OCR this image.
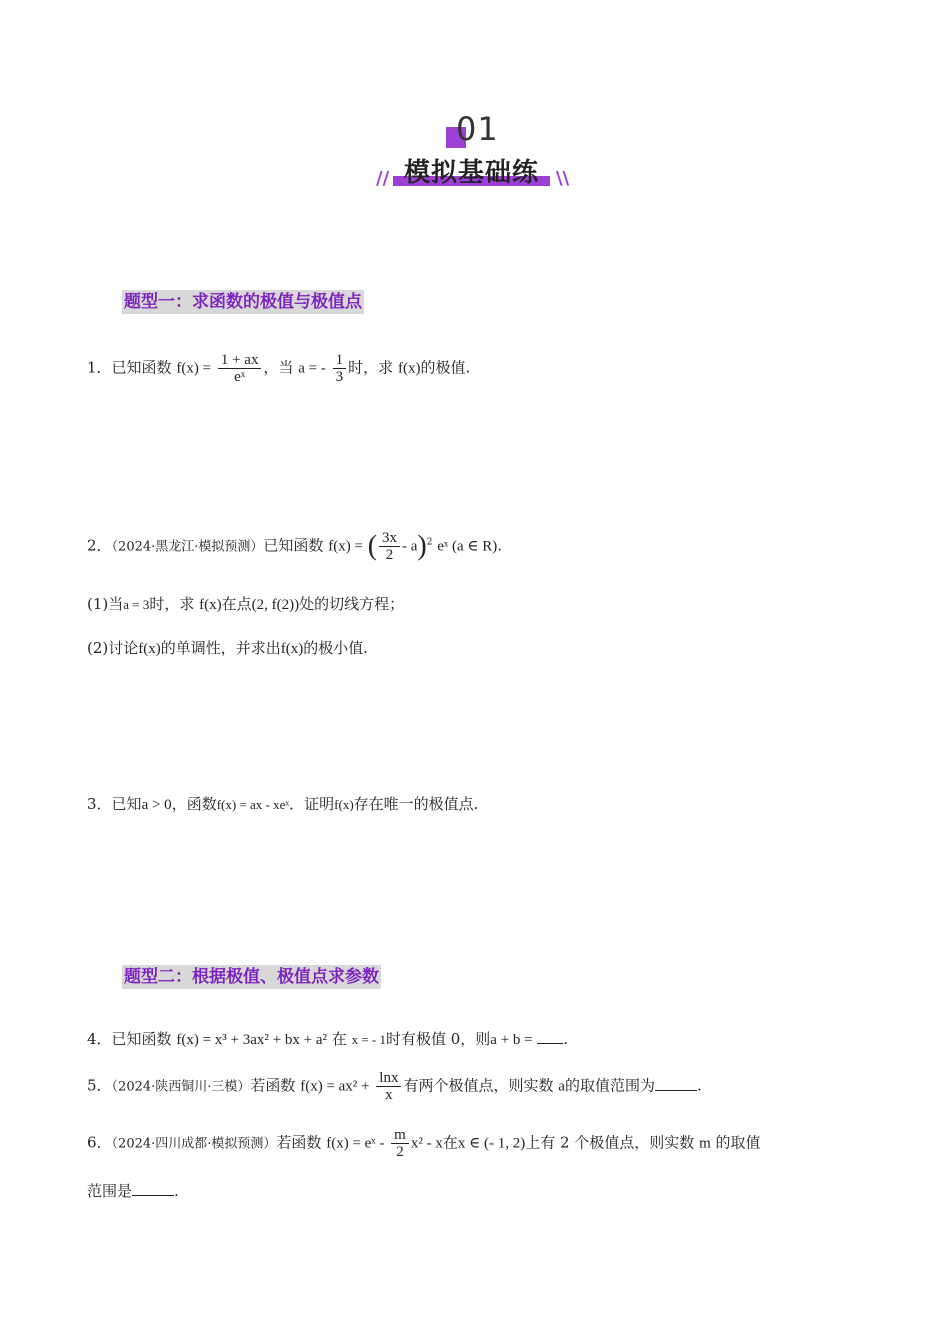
01
模拟基础练
//	\\
题型一：求函数的极值与极值点
1．已知函数 $f(x) = \frac{1 + ax}{\text{eˣ}}$ ，当 a = - $\frac{1}{3}$ 时，求 f(x)的极值.
2．（2024·黑龙江·模拟预测）已知函数 f(x) = ( $\frac{3x}{2} - a)^2$ eˣ (a ∈ R).
(1)当a = 3时，求 f(x)在点(2, f(2))处的切线方程；
(2)讨论f(x)的单调性，并求出f(x)的极小值.
3．已知a > 0，函数f(x) = ax - xeˣ．证明f(x)存在唯一的极值点.
题型二：根据极值、极值点求参数
4．已知函数 f(x) = x³ + 3ax² + bx + a² 在 x = - 1时有极值 0，则a + b = .
5．（2024·陕西铜川·三模）若函数 $f(x) = ax^2 + \frac{\ln x}{x}$ 有两个极值点，则实数 a的取值范围为	.
6．（2024·四川成都·模拟预测）若函数 f(x) = eˣ - $\frac{m}{2} x^2$ - x在x ∈ (- 1, 2)上有 2 个极值点，则实数 m 的取值
范围是	.
